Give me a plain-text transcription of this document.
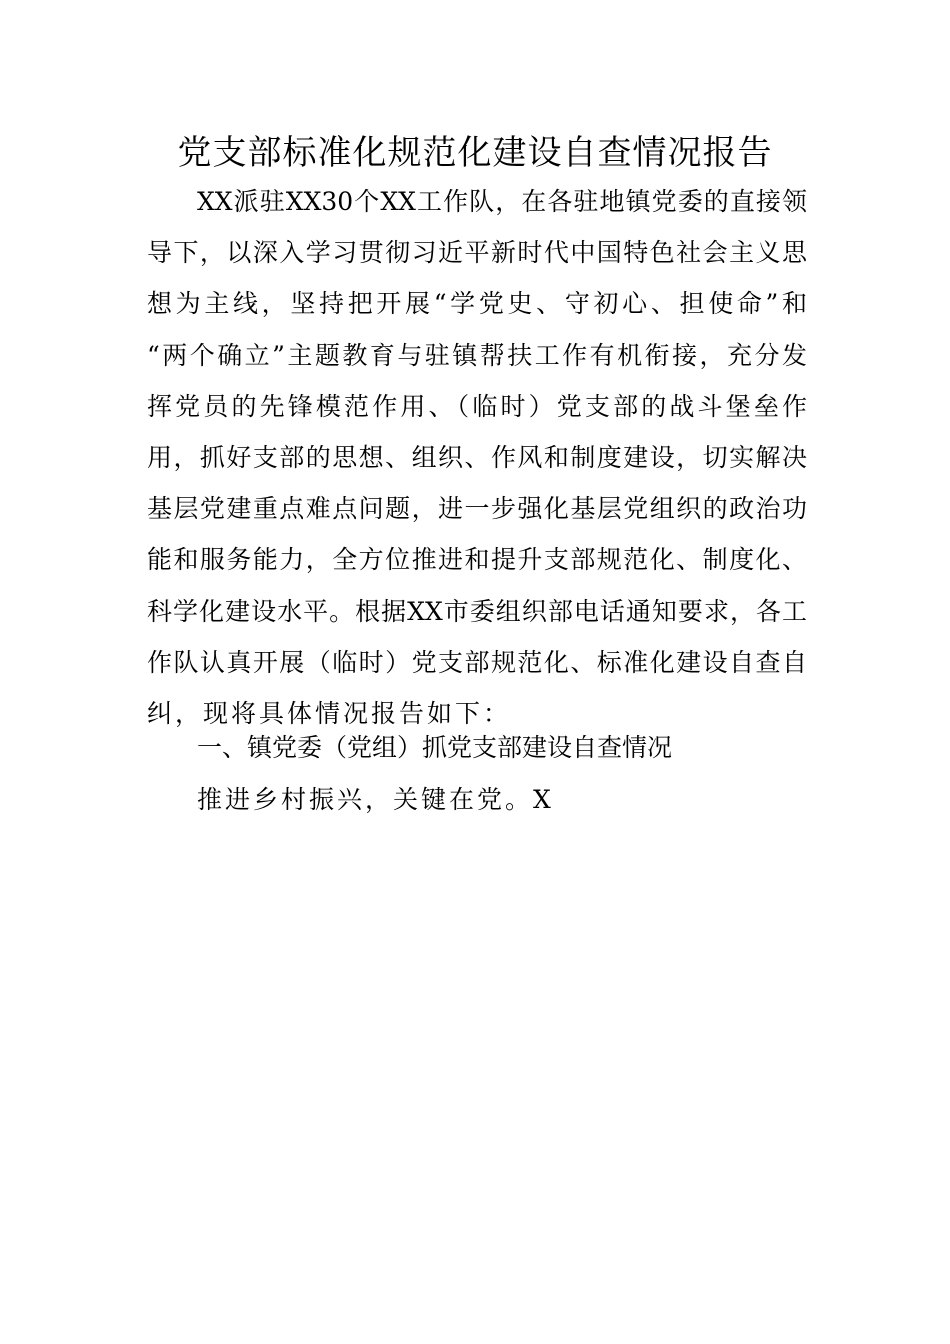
党支部标准化规范化建设自查情况报告
XX派驻XX30个XX工作队，在各驻地镇党委的直接领
导下，以深入学习贯彻习近平新时代中国特色社会主义思
想为主线，坚持把开展“学党史、守初心、担使命”和
“两个确立”主题教育与驻镇帮扶工作有机衔接，充分发
挥党员的先锋模范作用、（临时）党支部的战斗堡垒作
用，抓好支部的思想、组织、作风和制度建设，切实解决
基层党建重点难点问题，进一步强化基层党组织的政治功
能和服务能力，全方位推进和提升支部规范化、制度化、
科学化建设水平。根据XX市委组织部电话通知要求，各工
作队认真开展（临时）党支部规范化、标准化建设自查自
纠，现将具体情况报告如下：
一、镇党委（党组）抓党支部建设自查情况

推进乡村振兴，关键在党。X
